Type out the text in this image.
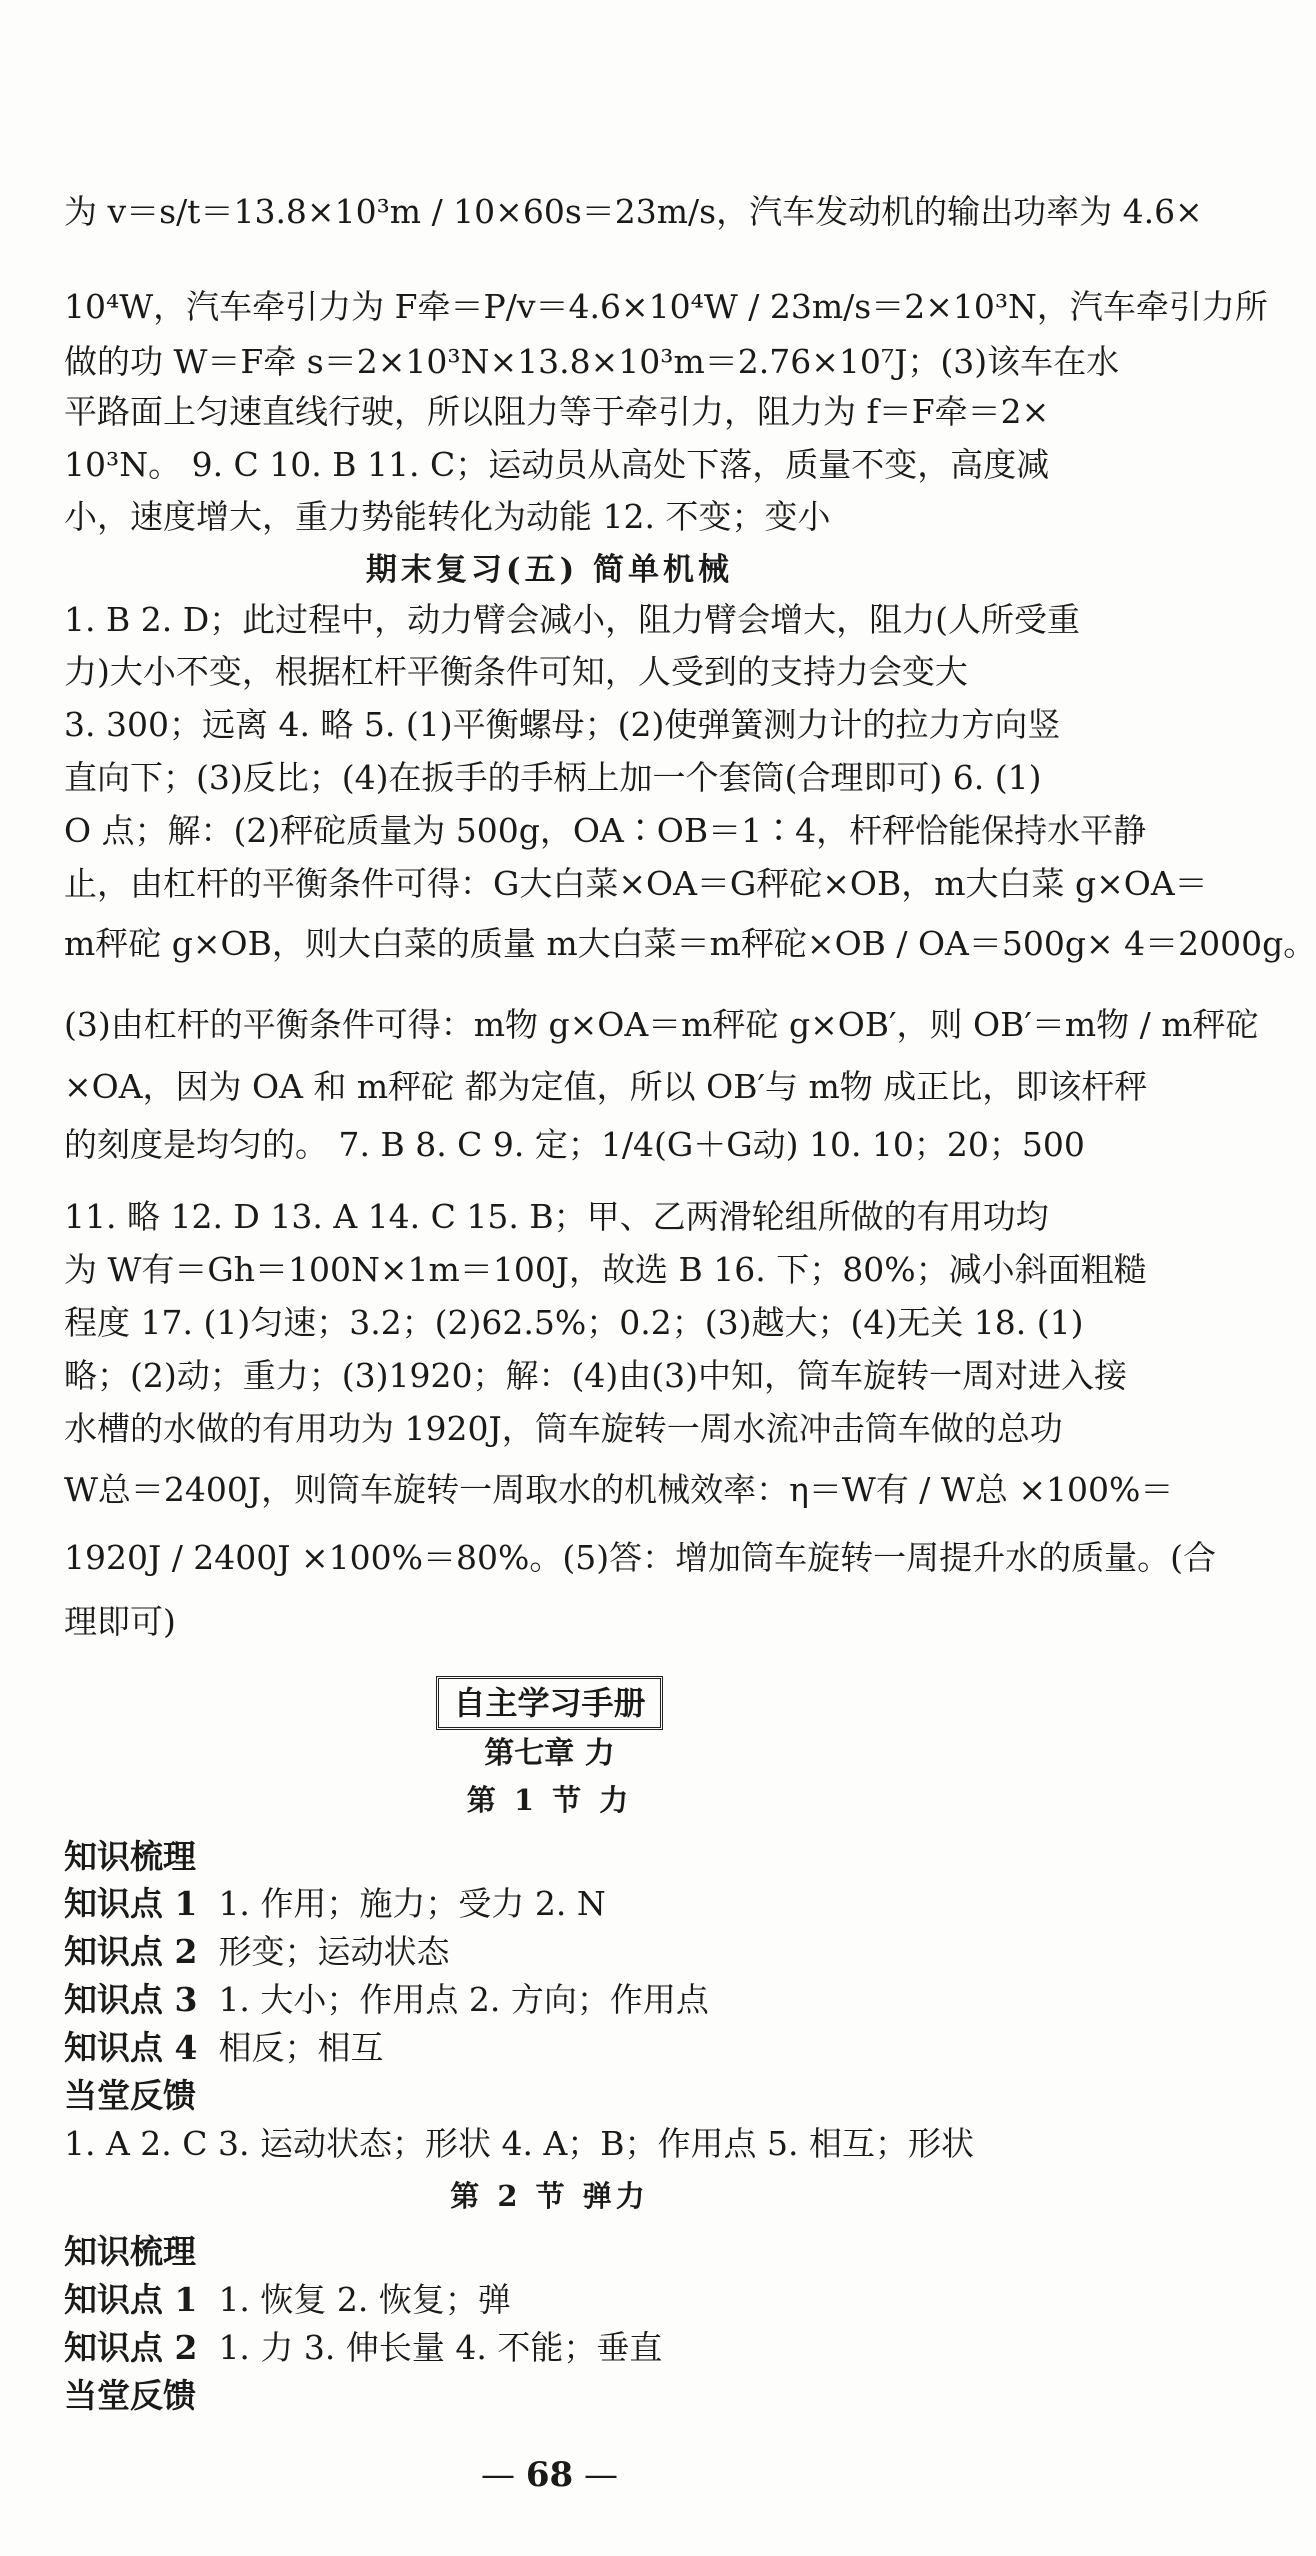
为 v＝s/t＝13.8×10³m / 10×60s＝23m/s，汽车发动机的输出功率为 4.6×
10⁴W，汽车牵引力为 F牵＝P/v＝4.6×10⁴W / 23m/s＝2×10³N，汽车牵引力所
做的功 W＝F牵 s＝2×10³N×13.8×10³m＝2.76×10⁷J；(3)该车在水
平路面上匀速直线行驶，所以阻力等于牵引力，阻力为 f＝F牵＝2×
10³N。 9. C 10. B 11. C；运动员从高处下落，质量不变，高度减
小，速度增大，重力势能转化为动能 12. 不变；变小
期末复习(五) 简单机械
1. B 2. D；此过程中，动力臂会减小，阻力臂会增大，阻力(人所受重
力)大小不变，根据杠杆平衡条件可知，人受到的支持力会变大
3. 300；远离 4. 略 5. (1)平衡螺母；(2)使弹簧测力计的拉力方向竖
直向下；(3)反比；(4)在扳手的手柄上加一个套筒(合理即可) 6. (1)
O 点；解：(2)秤砣质量为 500g，OA∶OB＝1∶4，杆秤恰能保持水平静
止，由杠杆的平衡条件可得：G大白菜×OA＝G秤砣×OB，m大白菜 g×OA＝
m秤砣 g×OB，则大白菜的质量 m大白菜＝m秤砣×OB / OA＝500g× 4＝2000g。
(3)由杠杆的平衡条件可得：m物 g×OA＝m秤砣 g×OB′，则 OB′＝m物 / m秤砣
×OA，因为 OA 和 m秤砣 都为定值，所以 OB′与 m物 成正比，即该杆秤
的刻度是均匀的。 7. B 8. C 9. 定；1/4(G＋G动) 10. 10；20；500
11. 略 12. D 13. A 14. C 15. B；甲、乙两滑轮组所做的有用功均
为 W有＝Gh＝100N×1m＝100J，故选 B 16. 下；80%；减小斜面粗糙
程度 17. (1)匀速；3.2；(2)62.5%；0.2；(3)越大；(4)无关 18. (1)
略；(2)动；重力；(3)1920；解：(4)由(3)中知，筒车旋转一周对进入接
水槽的水做的有用功为 1920J，筒车旋转一周水流冲击筒车做的总功
W总＝2400J，则筒车旋转一周取水的机械效率：η＝W有 / W总 ×100%＝
1920J / 2400J ×100%＝80%。(5)答：增加筒车旋转一周提升水的质量。(合
理即可)
自主学习手册
第七章 力
第 1 节 力
知识梳理
知识点 1 1. 作用；施力；受力 2. N
知识点 2 形变；运动状态
知识点 3 1. 大小；作用点 2. 方向；作用点
知识点 4 相反；相互
当堂反馈
1. A 2. C 3. 运动状态；形状 4. A；B；作用点 5. 相互；形状
第 2 节 弹力
知识梳理
知识点 1 1. 恢复 2. 恢复；弹
知识点 2 1. 力 3. 伸长量 4. 不能；垂直
当堂反馈
— 68 —
